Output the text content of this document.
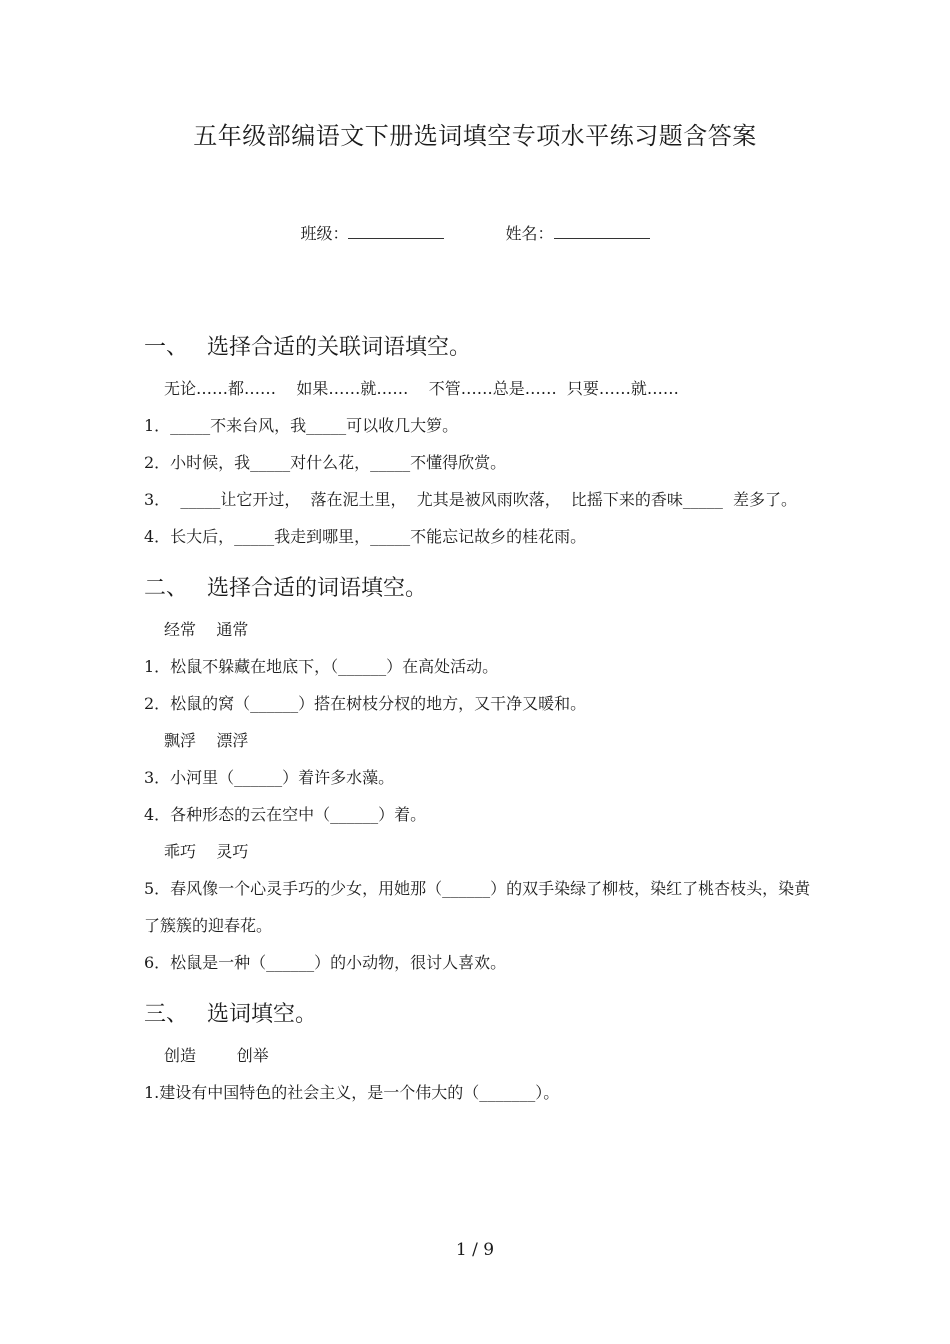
五年级部编语文下册选词填空专项水平练习题含答案
班级：	姓名：
一、 选择合适的关联词语填空。
无论……都……    如果……就……    不管……总是……  只要……就……
1．_____不来台风，我_____可以收几大箩。
2．小时候，我_____对什么花，_____不懂得欣赏。
3．  _____让它开过，  落在泥土里，  尤其是被风雨吹落，  比摇下来的香味_____  差多了。
4．长大后，_____我走到哪里，_____不能忘记故乡的桂花雨。
二、 选择合适的词语填空。
经常    通常
1．松鼠不躲藏在地底下，（______）在高处活动。
2．松鼠的窝（______）搭在树枝分杈的地方，又干净又暖和。
飘浮    漂浮
3．小河里（______）着许多水藻。
4．各种形态的云在空中（______）着。
乖巧    灵巧
5．春风像一个心灵手巧的少女，用她那（______）的双手染绿了柳枝，染红了桃杏枝头，染黄了簇簇的迎春花。
6．松鼠是一种（______）的小动物，很讨人喜欢。
三、 选词填空。
创造        创举
1.建设有中国特色的社会主义，是一个伟大的（_______）。
1 / 9
